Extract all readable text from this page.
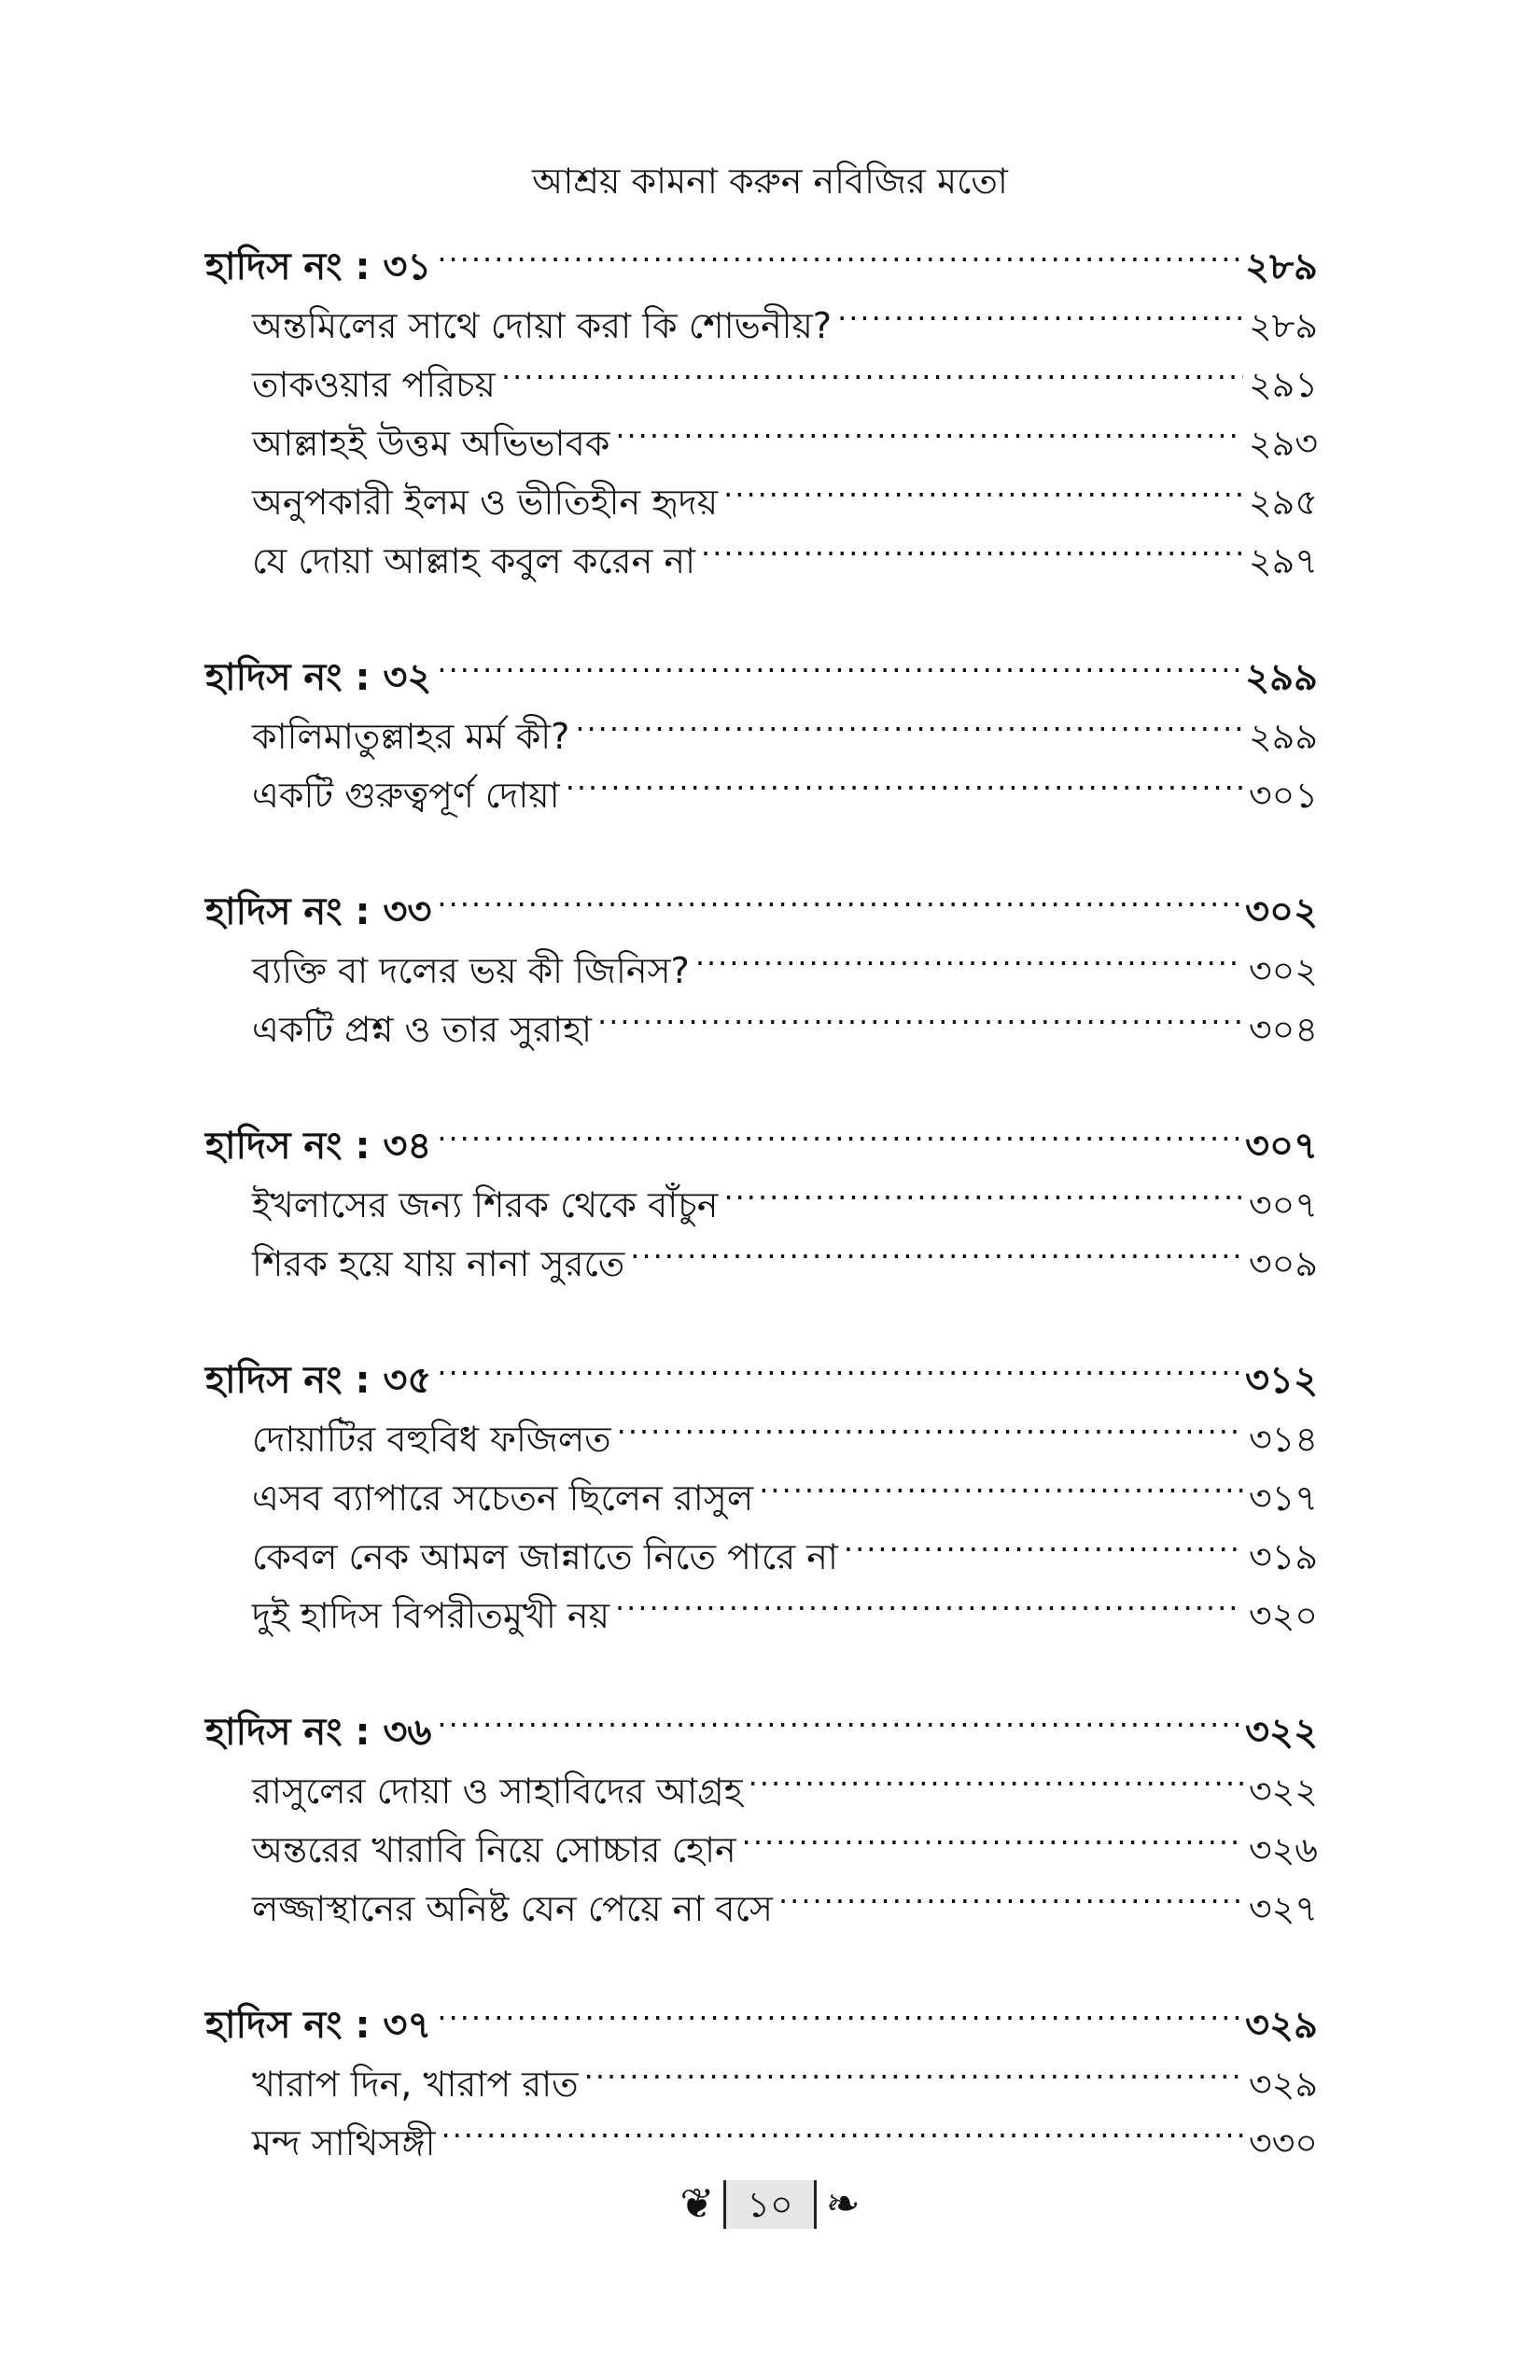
আশ্রয় কামনা করুন নবিজির মতো
হাদিস নং : ৩১ .....	২৮৯
অন্তমিলের সাথে দোয়া করা কি শোভনীয়? .....	২৮৯
তাকওয়ার পরিচয় .....	২৯১
আল্লাহই উত্তম অভিভাবক .....	২৯৩
অনুপকারী ইলম ও ভীতিহীন হৃদয় .....	২৯৫
যে দোয়া আল্লাহ কবুল করেন না .....	২৯৭
হাদিস নং : ৩২ .....	২৯৯
কালিমাতুল্লাহর মর্ম কী? .....	২৯৯
একটি গুরুত্বপূর্ণ দোয়া .....	৩০১
হাদিস নং : ৩৩ .....	৩০২
ব্যক্তি বা দলের ভয় কী জিনিস? .....	৩০২
একটি প্রশ্ন ও তার সুরাহা .....	৩০৪
হাদিস নং : ৩৪ .....	৩০৭
ইখলাসের জন্য শিরক থেকে বাঁচুন .....	৩০৭
শিরক হয়ে যায় নানা সুরতে .....	৩০৯
হাদিস নং : ৩৫ .....	৩১২
দোয়াটির বহুবিধ ফজিলত .....	৩১৪
এসব ব্যাপারে সচেতন ছিলেন রাসুল .....	৩১৭
কেবল নেক আমল জান্নাতে নিতে পারে না .....	৩১৯
দুই হাদিস বিপরীতমুখী নয় .....	৩২০
হাদিস নং : ৩৬ .....	৩২২
রাসুলের দোয়া ও সাহাবিদের আগ্রহ .....	৩২২
অন্তরের খারাবি নিয়ে সোচ্চার হোন .....	৩২৬
লজ্জাস্থানের অনিষ্ট যেন পেয়ে না বসে .....	৩২৭
হাদিস নং : ৩৭ .....	৩২৯
খারাপ দিন, খারাপ রাত .....	৩২৯
মন্দ সাথিসঙ্গী .....	৩৩০
❦ ১০ ❧
